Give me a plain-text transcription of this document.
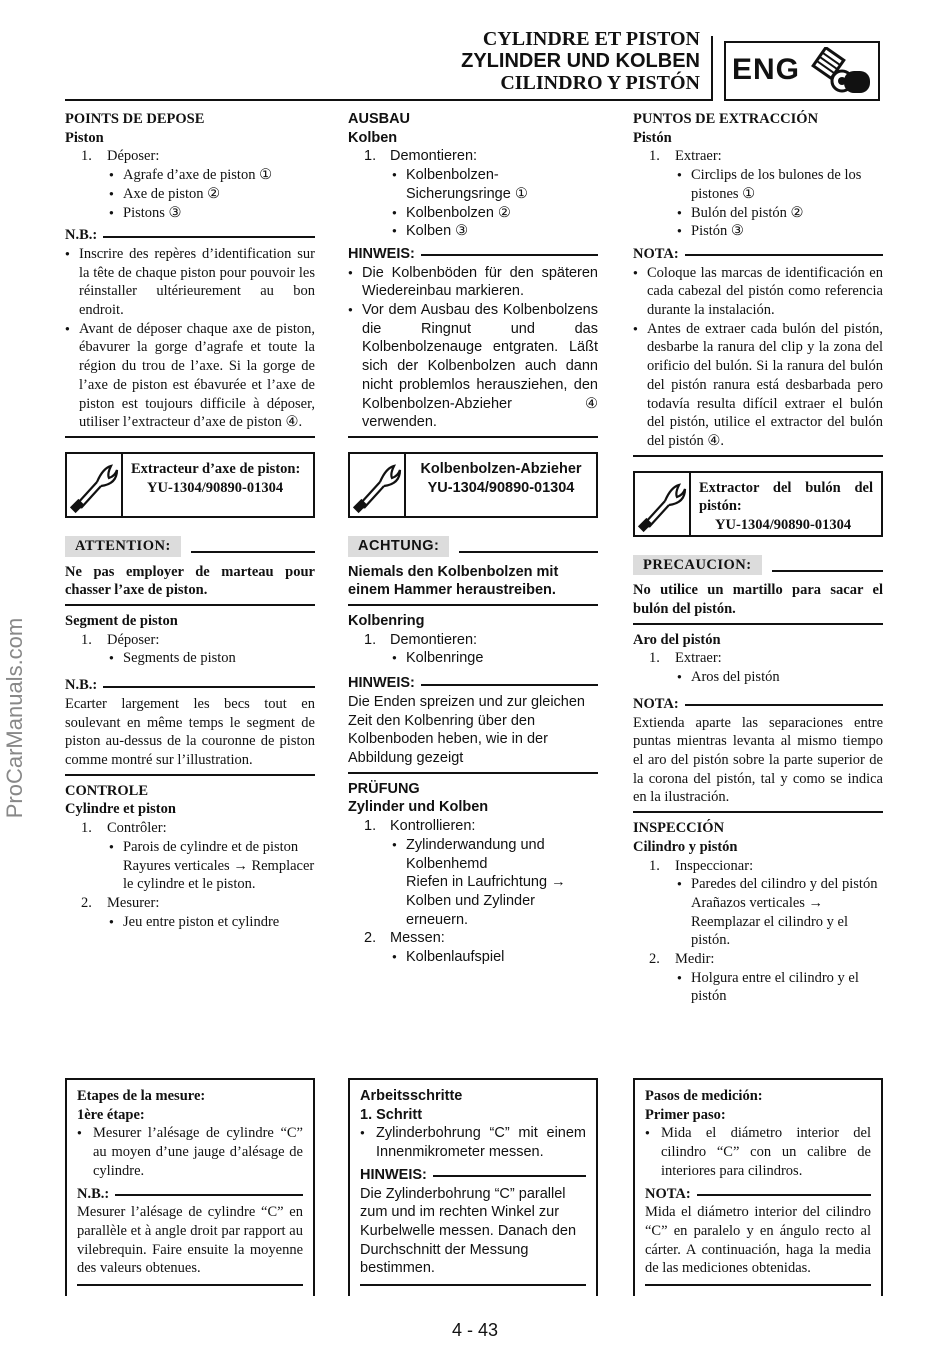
CYLINDRE ET PISTON
ZYLINDER UND KOLBEN
CILINDRO Y PISTÓN ENG
ProCarManuals.com
POINTS DE DEPOSE
Piston
1. Déposer:
● Agrafe d’axe de piston ①
● Axe de piston ②
● Pistons ③
N.B.:
● Inscrire des repères d’identification sur la tête de chaque piston pour pouvoir les réinstaller ultérieurement au bon endroit.
● Avant de déposer chaque axe de piston, ébavurer la gorge d’agrafe et toute la région du trou de l’axe. Si la gorge de l’axe de piston est ébavurée et l’axe de piston est toujours difficile à déposer, utiliser l’extracteur d’axe de piston ④.
Extracteur d’axe de piston:
YU-1304/90890-01304
ATTENTION:
Ne pas employer de marteau pour chasser l’axe de piston.
Segment de piston
1. Déposer:
● Segments de piston
N.B.:
Ecarter largement les becs tout en soulevant en même temps le segment de piston au-dessus de la couronne de piston comme montré sur l’illustration.
CONTROLE
Cylindre et piston
1. Contrôler:
● Parois de cylindre et de piston
Rayures verticales → Remplacer le cylindre et le piston.
2. Mesurer:
● Jeu entre piston et cylindre
AUSBAU
Kolben
1. Demontieren:
● Kolbenbolzen-Sicherungsringe ①
● Kolbenbolzen ②
● Kolben ③
HINWEIS:
● Die Kolbenböden für den späteren Wiedereinbau markieren.
● Vor dem Ausbau des Kolbenbolzens die Ringnut und das Kolbenbolzenauge entgraten. Läßt sich der Kolbenbolzen auch dann nicht problemlos herausziehen, den Kolbenbolzen-Abzieher ④ verwenden.
Kolbenbolzen-Abzieher
YU-1304/90890-01304
ACHTUNG:
Niemals den Kolbenbolzen mit einem Hammer heraustreiben.
Kolbenring
1. Demontieren:
● Kolbenringe
HINWEIS:
Die Enden spreizen und zur gleichen Zeit den Kolbenring über den Kolbenboden heben, wie in der Abbildung gezeigt
PRÜFUNG
Zylinder und Kolben
1. Kontrollieren:
● Zylinderwandung und Kolbenhemd
Riefen in Laufrichtung → Kolben und Zylinder erneuern.
2. Messen:
● Kolbenlaufspiel
PUNTOS DE EXTRACCIÓN
Pistón
1. Extraer:
● Circlips de los bulones de los pistones ①
● Bulón del pistón ②
● Pistón ③
NOTA:
● Coloque las marcas de identificación en cada cabezal del pistón como referencia durante la instalación.
● Antes de extraer cada bulón del pistón, desbarbe la ranura del clip y la zona del orificio del bulón. Si la ranura del bulón del pistón ranura está desbarbada pero todavía resulta difícil extraer el bulón del pistón, utilice el extractor del bulón del pistón ④.
Extractor del bulón del pistón:
YU-1304/90890-01304
PRECAUCION:
No utilice un martillo para sacar el bulón del pistón.
Aro del pistón
1. Extraer:
● Aros del pistón
NOTA:
Extienda aparte las separaciones entre puntas mientras levanta al mismo tiempo el aro del pistón sobre la parte superior de la corona del pistón, tal y como se indica en la ilustración.
INSPECCIÓN
Cilindro y pistón
1. Inspeccionar:
● Paredes del cilindro y del pistón
Arañazos verticales → Reemplazar el cilindro y el pistón.
2. Medir:
● Holgura entre el cilindro y el pistón
Etapes de la mesure:
1ère étape:
● Mesurer l’alésage de cylindre “C” au moyen d’une jauge d’alésage de cylindre.
N.B.:
Mesurer l’alésage de cylindre “C” en parallèle et à angle droit par rapport au vilebrequin. Faire ensuite la moyenne des valeurs obtenues.
Arbeitsschritte
1. Schritt
● Zylinderbohrung “C” mit einem Innenmikrometer messen.
HINWEIS:
Die Zylinderbohrung “C” parallel zum und im rechten Winkel zur Kurbelwelle messen. Danach den Durchschnitt der Messung bestimmen.
Pasos de medición:
Primer paso:
● Mida el diámetro interior del cilindro “C” con un calibre de interiores para cilindros.
NOTA:
Mida el diámetro interior del cilindro “C” en paralelo y en ángulo recto al cárter. A continuación, haga la media de las mediciones obtenidas.
4 - 43
